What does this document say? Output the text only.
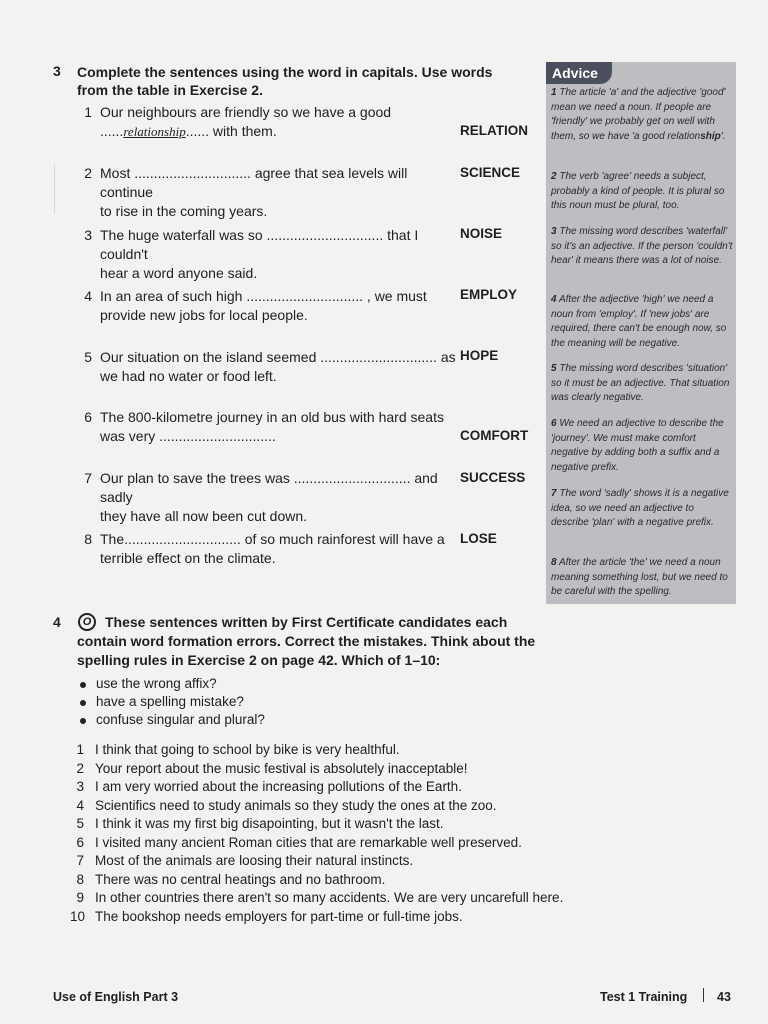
3 Complete the sentences using the word in capitals. Use words from the table in Exercise 2.
1 Our neighbours are friendly so we have a good
......relationship...... with them.	RELATION
2 Most .............................. agree that sea levels will continue
to rise in the coming years.
SCIENCE
3 The huge waterfall was so .............................. that I couldn't
hear a word anyone said.
NOISE
4 In an area of such high .............................. , we must
provide new jobs for local people.
EMPLOY
5 Our situation on the island seemed .............................. as
we had no water or food left.
HOPE
6 The 800-kilometre journey in an old bus with hard seats
was very ..............................	COMFORT
7 Our plan to save the trees was .............................. and sadly
they have all now been cut down.
SUCCESS
8 The.............................. of so much rainforest will have a
terrible effect on the climate.
LOSE
Advice
1 The article 'a' and the adjective 'good' mean we need a noun. If people are 'friendly' we probably get on well with them, so we have 'a good relationship'.
2 The verb 'agree' needs a subject, probably a kind of people. It is plural so this noun must be plural, too.
3 The missing word describes 'waterfall' so it's an adjective. If the person 'couldn't hear' it means there was a lot of noise.
4 After the adjective 'high' we need a noun from 'employ'. If 'new jobs' are required, there can't be enough now, so the meaning will be negative.
5 The missing word describes 'situation' so it must be an adjective. That situation was clearly negative.
6 We need an adjective to describe the 'journey'. We must make comfort negative by adding both a suffix and a negative prefix.
7 The word 'sadly' shows it is a negative idea, so we need an adjective to describe 'plan' with a negative prefix.
8 After the article 'the' we need a noun meaning something lost, but we need to be careful with the spelling.
4	These sentences written by First Certificate candidates each contain word formation errors. Correct the mistakes. Think about the spelling rules in Exercise 2 on page 42. Which of 1–10:
O
use the wrong affix?
have a spelling mistake?
confuse singular and plural?
1 I think that going to school by bike is very healthful.
2 Your report about the music festival is absolutely inacceptable!
3 I am very worried about the increasing pollutions of the Earth.
4 Scientifics need to study animals so they study the ones at the zoo.
5 I think it was my first big disapointing, but it wasn't the last.
6 I visited many ancient Roman cities that are remarkable well preserved.
7 Most of the animals are loosing their natural instincts.
8 There was no central heatings and no bathroom.
9 In other countries there aren't so many accidents. We are very uncarefull here.
10 The bookshop needs employers for part-time or full-time jobs.
Use of English Part 3	Test 1 Training 43
